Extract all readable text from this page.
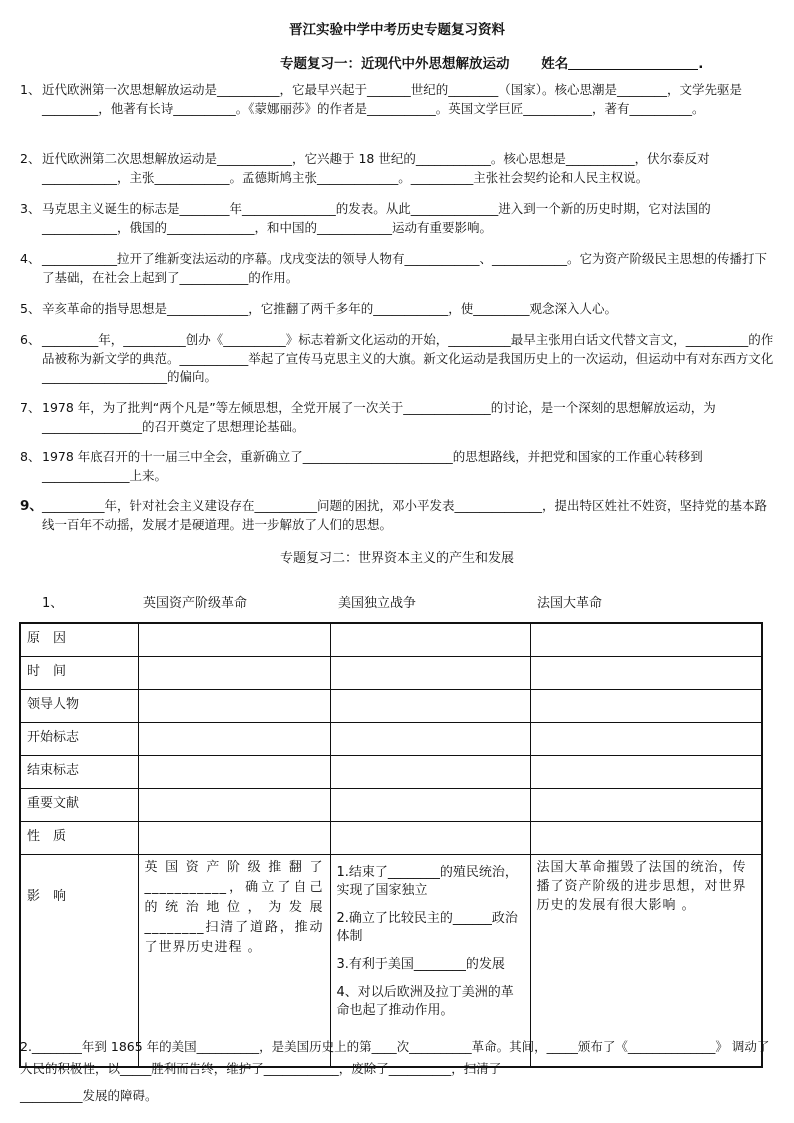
晋江实验中学中考历史专题复习资料
专题复习一：近现代中外思想解放运动　　 姓名	.
1、 近代欧洲第一次思想解放运动是__________，它最早兴起于_______世纪的________（国家）。核心思潮是________，文学先驱是_________，他著有长诗__________。《蒙娜丽莎》的作者是___________。英国文学巨匠___________，著有__________。
2、 近代欧洲第二次思想解放运动是____________，它兴趣于 18 世纪的____________。核心思想是___________，伏尔泰反对____________，主张____________。孟德斯鸠主张_____________。__________主张社会契约论和人民主权说。
3、 马克思主义诞生的标志是________年_______________的发表。从此______________进入到一个新的历史时期，它对法国的____________，俄国的______________，和中国的____________运动有重要影响。
4、 ____________拉开了维新变法运动的序幕。戊戌变法的领导人物有____________、____________。它为资产阶级民主思想的传播打下了基础，在社会上起到了___________的作用。
5、 辛亥革命的指导思想是_____________，它推翻了两千多年的____________，使_________观念深入人心。
6、 _________年，__________创办《__________》标志着新文化运动的开始，__________最早主张用白话文代替文言文，__________的作品被称为新文学的典范。___________举起了宣传马克思主义的大旗。新文化运动是我国历史上的一次运动，但运动中有对东西方文化____________________的偏向。
7、 1978 年，为了批判“两个凡是”等左倾思想，全党开展了一次关于______________的讨论，是一个深刻的思想解放运动，为________________的召开奠定了思想理论基础。
8、 1978 年底召开的十一届三中全会，重新确立了________________________的思想路线，并把党和国家的工作重心转移到______________上来。
9、 __________年，针对社会主义建设存在__________问题的困扰，邓小平发表______________，提出特区姓社不姓资，坚持党的基本路线一百年不动摇，发展才是硬道理。进一步解放了人们的思想。
专题复习二：世界资本主义的产生和发展
1、	英国资产阶级革命	美国独立战争	法国大革命
原　因			
时　间			
领导人物			
开始标志			
结束标志			
重要文献			
性　质			
影　响	英国资产阶级推翻了___________，确立了自己的统治地位，为发展________扫清了道路，推动了世界历史进程 。	1.结束了________的殖民统治， 实现了国家独立

2.确立了比较民主的______政治体制

3.有利于美国________的发展

4、对以后欧洲及拉丁美洲的革命也起了推动作用。	法国大革命摧毁了法国的统治，传播了资产阶级的进步思想，对世界历史的发展有很大影响 。
2.________年到 1865 年的美国__________，是美国历史上的第____次__________革命。其间，_____颁布了《______________》 调动了人民的积极性，以_____胜利而告终，维护了____________，废除了__________，扫清了
__________发展的障碍。
